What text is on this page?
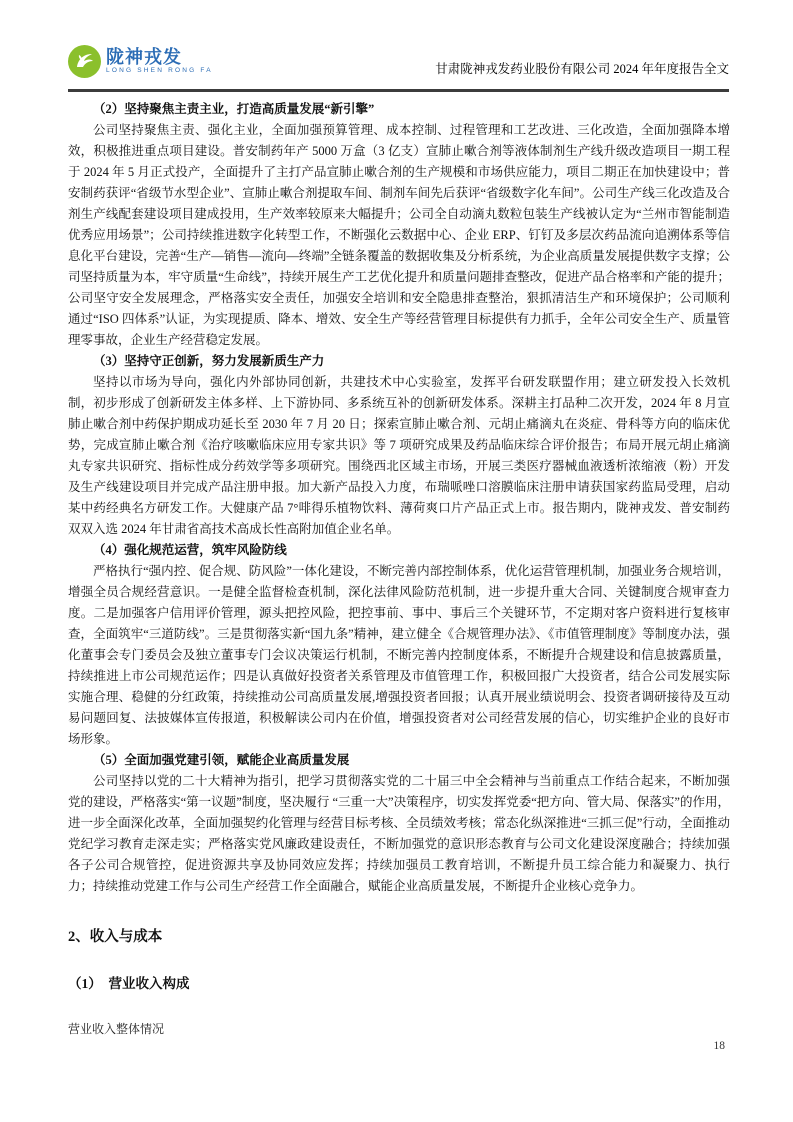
陇神戎发
LONG SHEN RONG FA	甘肃陇神戎发药业股份有限公司 2024 年年度报告全文
（2）坚持聚焦主责主业，打造高质量发展“新引擎”

公司坚持聚焦主责、强化主业，全面加强预算管理、成本控制、过程管理和工艺改进、三化改造，全面加强降本增效，积极推进重点项目建设。普安制药年产 5000 万盒（3 亿支）宣肺止嗽合剂等液体制剂生产线升级改造项目一期工程于 2024 年 5 月正式投产，全面提升了主打产品宣肺止嗽合剂的生产规模和市场供应能力，项目二期正在加快建设中；普安制药获评“省级节水型企业”、宣肺止嗽合剂提取车间、制剂车间先后获评“省级数字化车间”。公司生产线三化改造及合剂生产线配套建设项目建成投用，生产效率较原来大幅提升；公司全自动滴丸数粒包装生产线被认定为“兰州市智能制造优秀应用场景”；公司持续推进数字化转型工作，不断强化云数据中心、企业 ERP、钉钉及多层次药品流向追溯体系等信息化平台建设，完善“生产—销售—流向—终端”全链条覆盖的数据收集及分析系统，为企业高质量发展提供数字支撑；公司坚持质量为本，牢守质量“生命线”，持续开展生产工艺优化提升和质量问题排查整改，促进产品合格率和产能的提升；公司坚守安全发展理念，严格落实安全责任，加强安全培训和安全隐患排查整治，狠抓清洁生产和环境保护；公司顺利通过“ISO 四体系”认证，为实现提质、降本、增效、安全生产等经营管理目标提供有力抓手，全年公司安全生产、质量管理零事故，企业生产经营稳定发展。

（3）坚持守正创新，努力发展新质生产力

坚持以市场为导向，强化内外部协同创新，共建技术中心实验室，发挥平台研发联盟作用；建立研发投入长效机制，初步形成了创新研发主体多样、上下游协同、多系统互补的创新研发体系。深耕主打品种二次开发，2024 年 8 月宣肺止嗽合剂中药保护期成功延长至 2030 年 7 月 20 日；探索宣肺止嗽合剂、元胡止痛滴丸在炎症、骨科等方向的临床优势，完成宣肺止嗽合剂《治疗咳嗽临床应用专家共识》等 7 项研究成果及药品临床综合评价报告；布局开展元胡止痛滴丸专家共识研究、指标性成分药效学等多项研究。围绕西北区域主市场，开展三类医疗器械血液透析浓缩液（粉）开发及生产线建设项目并完成产品注册申报。加大新产品投入力度，布瑞哌唑口溶膜临床注册申请获国家药监局受理，启动某中药经典名方研发工作。大健康产品 7°啡得乐植物饮料、薄荷爽口片产品正式上市。报告期内，陇神戎发、普安制药双双入选 2024 年甘肃省高技术高成长性高附加值企业名单。

（4）强化规范运营，筑牢风险防线

严格执行“强内控、促合规、防风险”一体化建设，不断完善内部控制体系，优化运营管理机制，加强业务合规培训，增强全员合规经营意识。一是健全监督检查机制，深化法律风险防范机制，进一步提升重大合同、关键制度合规审查力度。二是加强客户信用评价管理，源头把控风险，把控事前、事中、事后三个关键环节，不定期对客户资料进行复核审查，全面筑牢“三道防线”。三是贯彻落实新“国九条”精神，建立健全《合规管理办法》、《市值管理制度》等制度办法，强化董事会专门委员会及独立董事专门会议决策运行机制，不断完善内控制度体系，不断提升合规建设和信息披露质量，持续推进上市公司规范运作；四是认真做好投资者关系管理及市值管理工作，积极回报广大投资者，结合公司发展实际实施合理、稳健的分红政策，持续推动公司高质量发展,增强投资者回报；认真开展业绩说明会、投资者调研接待及互动易问题回复、法披媒体宣传报道，积极解读公司内在价值，增强投资者对公司经营发展的信心，切实维护企业的良好市场形象。

（5）全面加强党建引领，赋能企业高质量发展

公司坚持以党的二十大精神为指引，把学习贯彻落实党的二十届三中全会精神与当前重点工作结合起来，不断加强党的建设，严格落实“第一议题”制度，坚决履行 “三重一大”决策程序，切实发挥党委“把方向、管大局、保落实”的作用，进一步全面深化改革，全面加强契约化管理与经营目标考核、全员绩效考核；常态化纵深推进“三抓三促”行动，全面推动党纪学习教育走深走实；严格落实党风廉政建设责任，不断加强党的意识形态教育与公司文化建设深度融合；持续加强各子公司合规管控，促进资源共享及协同效应发挥；持续加强员工教育培训，不断提升员工综合能力和凝聚力、执行力；持续推动党建工作与公司生产经营工作全面融合，赋能企业高质量发展，不断提升企业核心竞争力。

2、收入与成本
（1）　营业收入构成

营业收入整体情况

18
